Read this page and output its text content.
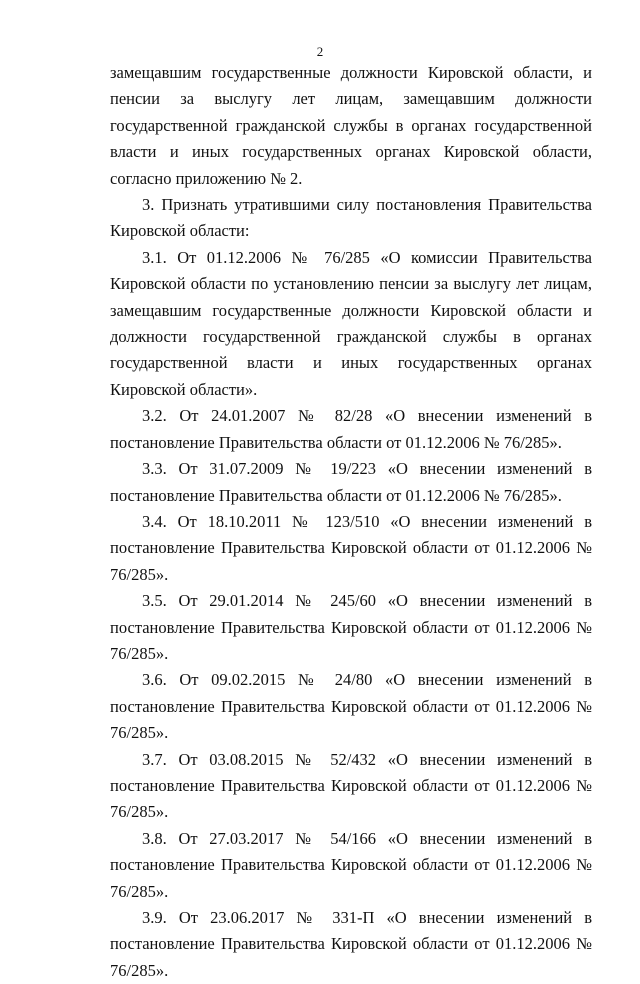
2

замещавшим государственные должности Кировской области, и пенсии за выслугу лет лицам, замещавшим должности государственной гражданской службы в органах государственной власти и иных государственных органах Кировской области, согласно приложению № 2.

3. Признать утратившими силу постановления Правительства Кировской области:

3.1. От 01.12.2006 № 76/285 «О комиссии Правительства Кировской области по установлению пенсии за выслугу лет лицам, замещавшим государственные должности Кировской области и должности государственной гражданской службы в органах государственной власти и иных государственных органах Кировской области».

3.2. От 24.01.2007 № 82/28 «О внесении изменений в постановление Правительства области от 01.12.2006 № 76/285».

3.3. От 31.07.2009 № 19/223 «О внесении изменений в постановление Правительства области от 01.12.2006 № 76/285».

3.4. От 18.10.2011 № 123/510 «О внесении изменений в постановление Правительства Кировской области от 01.12.2006 № 76/285».

3.5. От 29.01.2014 № 245/60 «О внесении изменений в постановление Правительства Кировской области от 01.12.2006 № 76/285».

3.6. От 09.02.2015 № 24/80 «О внесении изменений в постановление Правительства Кировской области от 01.12.2006 № 76/285».

3.7. От 03.08.2015 № 52/432 «О внесении изменений в постановление Правительства Кировской области от 01.12.2006 № 76/285».

3.8. От 27.03.2017 № 54/166 «О внесении изменений в постановление Правительства Кировской области от 01.12.2006 № 76/285».

3.9. От 23.06.2017 № 331-П «О внесении изменений в постановление Правительства Кировской области от 01.12.2006 № 76/285».
